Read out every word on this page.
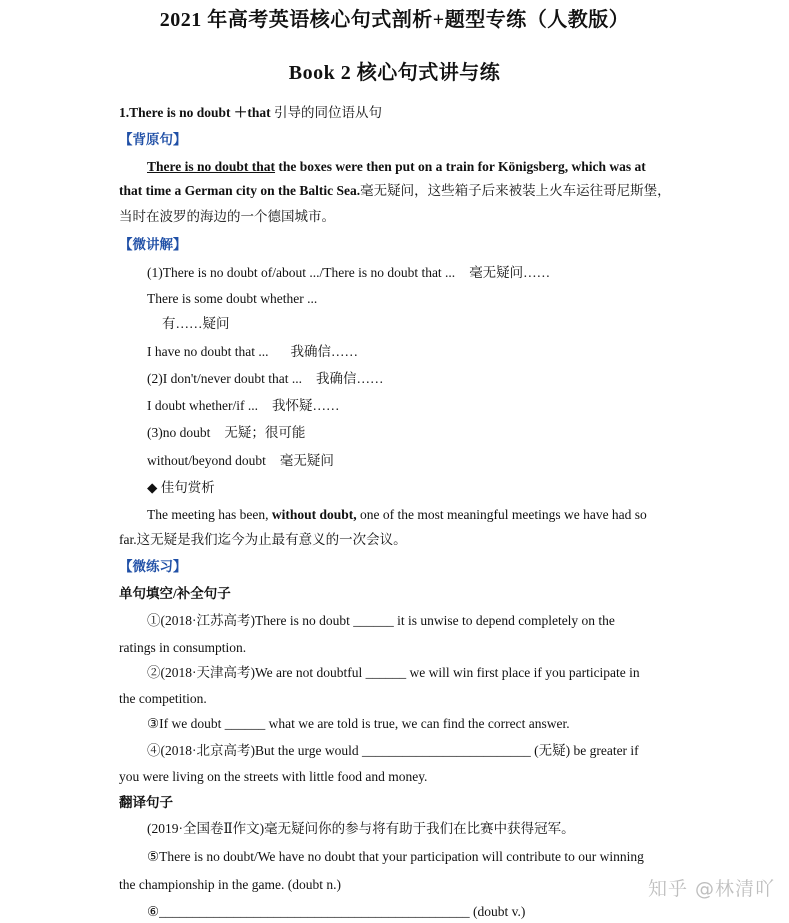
2021 年高考英语核心句式剖析+题型专练（人教版）
Book 2 核心句式讲与练
1.There is no doubt ＋that 引导的同位语从句
【背原句】
There is no doubt that the boxes were then put on a train for Königsberg, which was at
that time a German city on the Baltic Sea.毫无疑问，这些箱子后来被装上火车运往哥尼斯堡，
当时在波罗的海边的一个德国城市。
【微讲解】
(1)There is no doubt of/about .../There is no doubt that ... 毫无疑问……
There is some doubt whether ...
有……疑问
I have no doubt that ... 我确信……
(2)I don't/never doubt that ... 我确信……
I doubt whether/if ... 我怀疑……
(3)no doubt 无疑；很可能
without/beyond doubt 毫无疑问
◆ 佳句赏析
The meeting has been, without doubt, one of the most meaningful meetings we have had so
far.这无疑是我们迄今为止最有意义的一次会议。
【微练习】
单句填空/补全句子
①(2018·江苏高考)There is no doubt ______ it is unwise to depend completely on the
ratings in consumption.
②(2018·天津高考)We are not doubtful ______ we will win first place if you participate in
the competition.
③If we doubt ______ what we are told is true, we can find the correct answer.
④(2018·北京高考)But the urge would _________________________ (无疑) be greater if
you were living on the streets with little food and money.
翻译句子
(2019·全国卷Ⅱ作文)毫无疑问你的参与将有助于我们在比赛中获得冠军。
⑤There is no doubt/We have no doubt that your participation will contribute to our winning
the championship in the game. (doubt n.)
⑥______________________________________________ (doubt v.)
知乎 @林清吖
